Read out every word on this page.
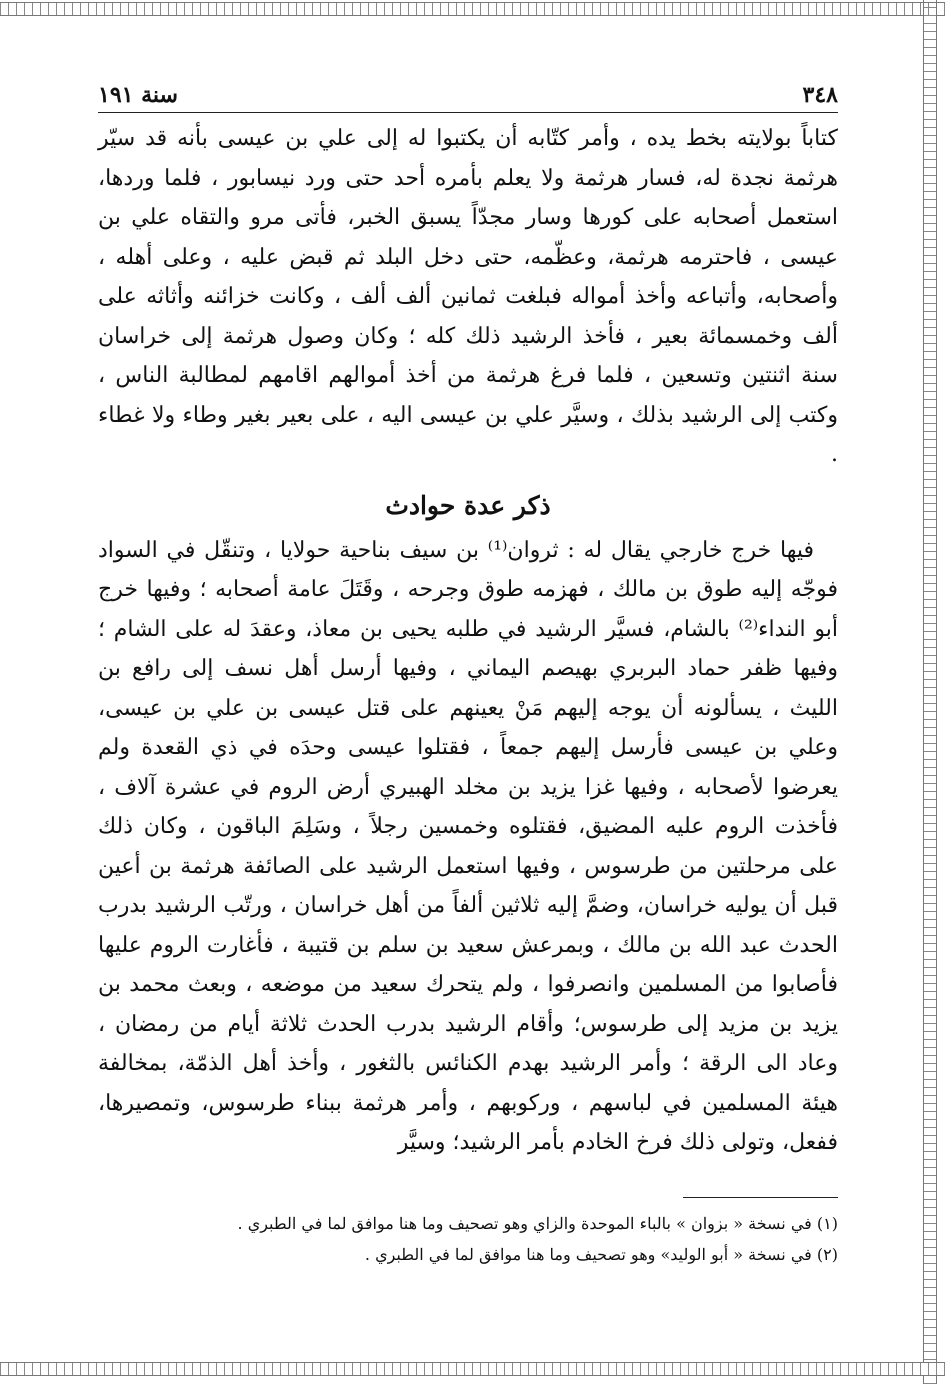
٣٤٨
سنة ١٩١

كتاباً بولايته بخط يده ، وأمر كتّابه أن يكتبوا له إلى علي بن عيسى بأنه قد سيّر هرثمة نجدة له، فسار هرثمة ولا يعلم بأمره أحد حتى ورد نيسابور ، فلما وردها، استعمل أصحابه على كورها وسار مجدّاً يسبق الخبر، فأتى مرو والتقاه علي بن عيسى ، فاحترمه هرثمة، وعظّمه، حتى دخل البلد ثم قبض عليه ، وعلى أهله ، وأصحابه، وأتباعه وأخذ أمواله فبلغت ثمانين ألف ألف ، وكانت خزائنه وأثاثه على ألف وخمسمائة بعير ، فأخذ الرشيد ذلك كله ؛ وكان وصول هرثمة إلى خراسان سنة اثنتين وتسعين ، فلما فرغ هرثمة من أخذ أموالهم اقامهم لمطالبة الناس ، وكتب إلى الرشيد بذلك ، وسيَّر علي بن عيسى اليه ، على بعير بغير وطاء ولا غطاء .

ذكر عدة حوادث

فيها خرج خارجي يقال له : ثروان⁽¹⁾ بن سيف بناحية حولايا ، وتنقّل في السواد فوجّه إليه طوق بن مالك ، فهزمه طوق وجرحه ، وقَتَلَ عامة أصحابه ؛ وفيها خرج أبو النداء⁽²⁾ بالشام، فسيَّر الرشيد في طلبه يحيى بن معاذ، وعقدَ له على الشام ؛ وفيها ظفر حماد البربري بهيصم اليماني ، وفيها أرسل أهل نسف إلى رافع بن الليث ، يسألونه أن يوجه إليهم مَنْ يعينهم على قتل عيسى بن علي بن عيسى، وعلي بن عيسى فأرسل إليهم جمعاً ، فقتلوا عيسى وحدَه في ذي القعدة ولم يعرضوا لأصحابه ، وفيها غزا يزيد بن مخلد الهبيري أرض الروم في عشرة آلاف ، فأخذت الروم عليه المضيق، فقتلوه وخمسين رجلاً ، وسَلِمَ الباقون ، وكان ذلك على مرحلتين من طرسوس ، وفيها استعمل الرشيد على الصائفة هرثمة بن أعين قبل أن يوليه خراسان، وضمَّ إليه ثلاثين ألفاً من أهل خراسان ، ورتّب الرشيد بدرب الحدث عبد الله بن مالك ، وبمرعش سعيد بن سلم بن قتيبة ، فأغارت الروم عليها فأصابوا من المسلمين وانصرفوا ، ولم يتحرك سعيد من موضعه ، وبعث محمد بن يزيد بن مزيد إلى طرسوس؛ وأقام الرشيد بدرب الحدث ثلاثة أيام من رمضان ، وعاد الى الرقة ؛ وأمر الرشيد بهدم الكنائس بالثغور ، وأخذ أهل الذمّة، بمخالفة هيئة المسلمين في لباسهم ، وركوبهم ، وأمر هرثمة ببناء طرسوس، وتمصيرها، ففعل، وتولى ذلك فرخ الخادم بأمر الرشيد؛ وسيَّر

(١) في نسخة « بزوان » بالباء الموحدة والزاي وهو تصحيف وما هنا موافق لما في الطبري .

(٢) في نسخة « أبو الوليد» وهو تصحيف وما هنا موافق لما في الطبري .
